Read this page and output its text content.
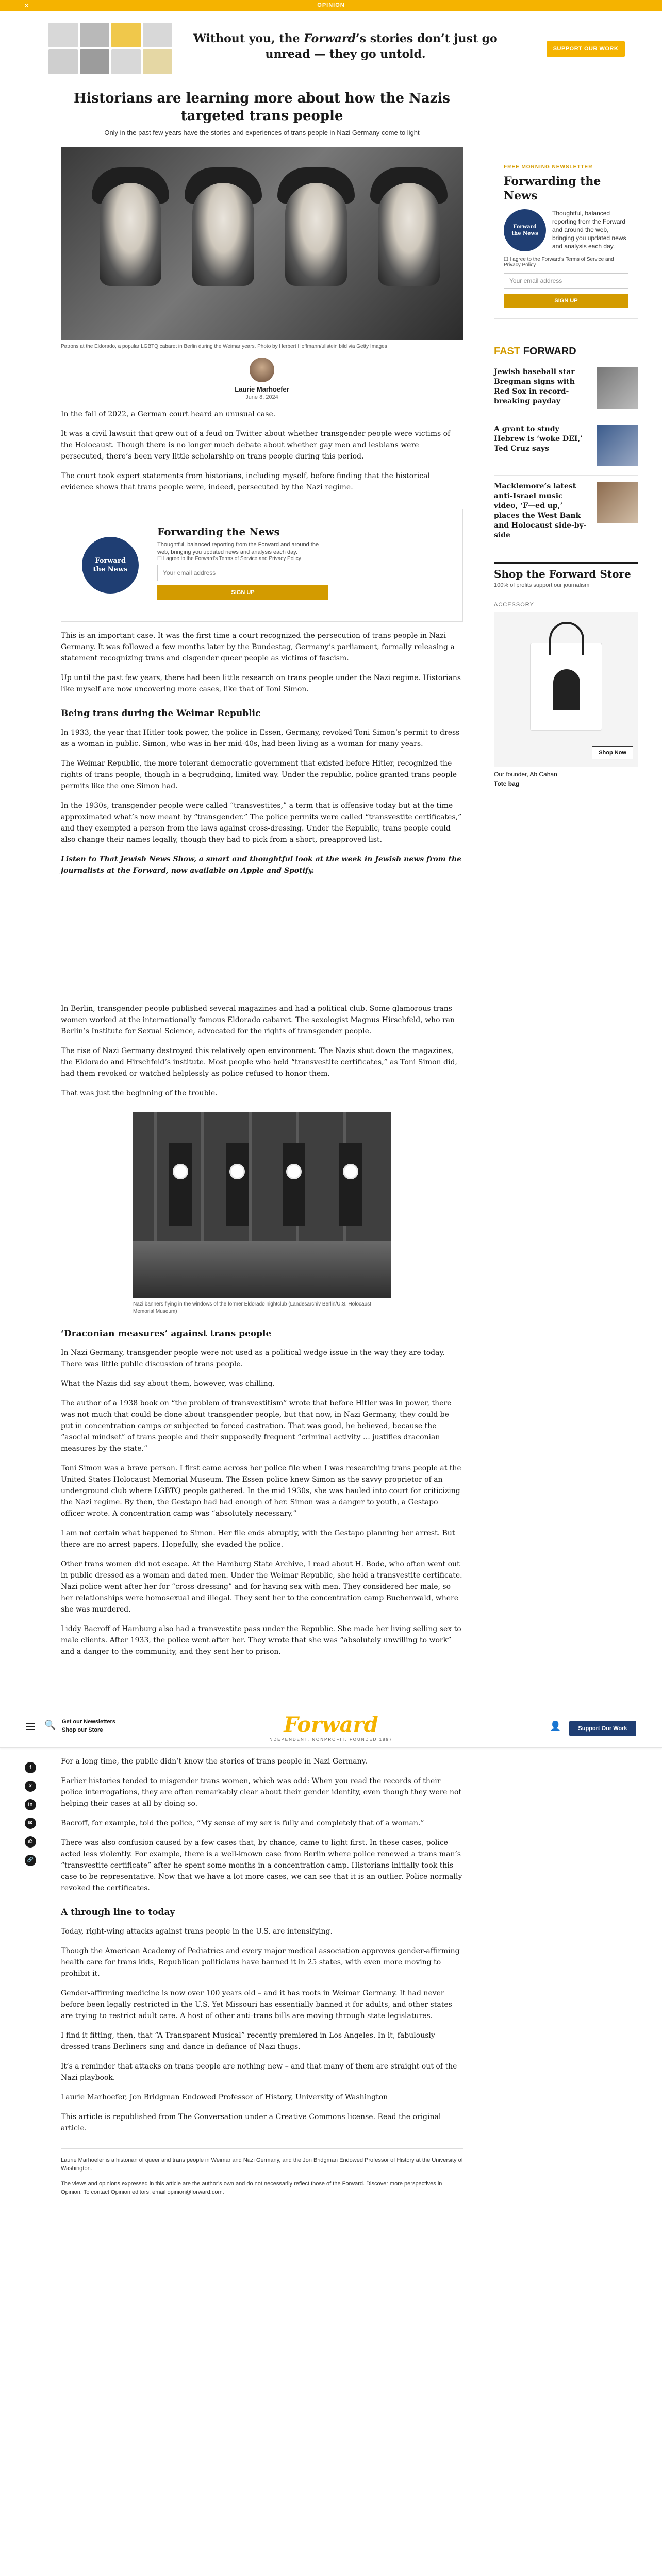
×	OPINION
Without you, the Forward’s stories don’t just go unread — they go untold.	SUPPORT OUR WORK
Historians are learning more about how the Nazis targeted trans people
Only in the past few years have the stories and experiences of trans people in Nazi Germany come to light
Patrons at the Eldorado, a popular LGBTQ cabaret in Berlin during the Weimar years. Photo by Herbert Hoffmann/ullstein bild via Getty Images
Laurie Marhoefer
June 8, 2024

In the fall of 2022, a German court heard an unusual case.

It was a civil lawsuit that grew out of a feud on Twitter about whether transgender people were victims of the Holocaust. Though there is no longer much debate about whether gay men and lesbians were persecuted, there’s been very little scholarship on trans people during this period.

The court took expert statements from historians, including myself, before finding that the historical evidence shows that trans people were, indeed, persecuted by the Nazi regime.

Forward the News
Forwarding the News
Thoughtful, balanced reporting from the Forward and around the web, bringing you updated news and analysis each day.
☐ I agree to the Forward’s Terms of Service and Privacy Policy
Your email address
SIGN UP

This is an important case. It was the first time a court recognized the persecution of trans people in Nazi Germany. It was followed a few months later by the Bundestag, Germany’s parliament, formally releasing a statement recognizing trans and cisgender queer people as victims of fascism.

Up until the past few years, there had been little research on trans people under the Nazi regime. Historians like myself are now uncovering more cases, like that of Toni Simon.

Being trans during the Weimar Republic

In 1933, the year that Hitler took power, the police in Essen, Germany, revoked Toni Simon’s permit to dress as a woman in public. Simon, who was in her mid-40s, had been living as a woman for many years.

The Weimar Republic, the more tolerant democratic government that existed before Hitler, recognized the rights of trans people, though in a begrudging, limited way. Under the republic, police granted trans people permits like the one Simon had.

In the 1930s, transgender people were called “transvestites,” a term that is offensive today but at the time approximated what’s now meant by “transgender.” The police permits were called “transvestite certificates,” and they exempted a person from the laws against cross-dressing. Under the Republic, trans people could also change their names legally, though they had to pick from a short, preapproved list.

Listen to That Jewish News Show, a smart and thoughtful look at the week in Jewish news from the journalists at the Forward, now available on Apple and Spotify.

In Berlin, transgender people published several magazines and had a political club. Some glamorous trans women worked at the internationally famous Eldorado cabaret. The sexologist Magnus Hirschfeld, who ran Berlin’s Institute for Sexual Science, advocated for the rights of transgender people.

The rise of Nazi Germany destroyed this relatively open environment. The Nazis shut down the magazines, the Eldorado and Hirschfeld’s institute. Most people who held “transvestite certificates,” as Toni Simon did, had them revoked or watched helplessly as police refused to honor them.

That was just the beginning of the trouble.

Nazi banners flying in the windows of the former Eldorado nightclub (Landesarchiv Berlin/U.S. Holocaust Memorial Museum)
‘Draconian measures’ against trans people

In Nazi Germany, transgender people were not used as a political wedge issue in the way they are today. There was little public discussion of trans people.

What the Nazis did say about them, however, was chilling.

The author of a 1938 book on “the problem of transvestitism” wrote that before Hitler was in power, there was not much that could be done about transgender people, but that now, in Nazi Germany, they could be put in concentration camps or subjected to forced castration. That was good, he believed, because the “asocial mindset” of trans people and their supposedly frequent “criminal activity … justifies draconian measures by the state.”

Toni Simon was a brave person. I first came across her police file when I was researching trans people at the United States Holocaust Memorial Museum. The Essen police knew Simon as the savvy proprietor of an underground club where LGBTQ people gathered. In the mid 1930s, she was hauled into court for criticizing the Nazi regime. By then, the Gestapo had had enough of her. Simon was a danger to youth, a Gestapo officer wrote. A concentration camp was “absolutely necessary.”

I am not certain what happened to Simon. Her file ends abruptly, with the Gestapo planning her arrest. But there are no arrest papers. Hopefully, she evaded the police.

Other trans women did not escape. At the Hamburg State Archive, I read about H. Bode, who often went out in public dressed as a woman and dated men. Under the Weimar Republic, she held a transvestite certificate. Nazi police went after her for “cross-dressing” and for having sex with men. They considered her male, so her relationships were homosexual and illegal. They sent her to the concentration camp Buchenwald, where she was murdered.

Liddy Bacroff of Hamburg also had a transvestite pass under the Republic. She made her living selling sex to male clients. After 1933, the police went after her. They wrote that she was “absolutely unwilling to work” and a danger to the community, and they sent her to prison.

FREE MORNING NEWSLETTER
Forwarding the News
Forward the News
Thoughtful, balanced reporting from the Forward and around the web, bringing you updated news and analysis each day.
☐ I agree to the Forward’s Terms of Service and Privacy Policy
Your email address
SIGN UP
FAST FORWARD
Jewish baseball star Bregman signs with Red Sox in record-breaking payday
A grant to study Hebrew is ‘woke DEI,’ Ted Cruz says
Macklemore’s latest anti-Israel music video, ‘F—ed up,’ places the West Bank and Holocaust side-by-side
Shop the Forward Store
100% of profits support our journalism
ACCESSORY
Shop Now
Our founder, Ab Cahan
Tote bag
🔍 Get our Newsletters
Shop our Store	Forward
INDEPENDENT. NONPROFIT. FOUNDED 1897.
👤	Support Our Work
f
x
in
✉
⎙
🔗

For a long time, the public didn’t know the stories of trans people in Nazi Germany.

Earlier histories tended to misgender trans women, which was odd: When you read the records of their police interrogations, they are often remarkably clear about their gender identity, even though they were not helping their cases at all by doing so.

Bacroff, for example, told the police, “My sense of my sex is fully and completely that of a woman.”

There was also confusion caused by a few cases that, by chance, came to light first. In these cases, police acted less violently. For example, there is a well-known case from Berlin where police renewed a trans man’s “transvestite certificate” after he spent some months in a concentration camp. Historians initially took this case to be representative. Now that we have a lot more cases, we can see that it is an outlier. Police normally revoked the certificates.

A through line to today

Today, right-wing attacks against trans people in the U.S. are intensifying.

Though the American Academy of Pediatrics and every major medical association approves gender-affirming health care for trans kids, Republican politicians have banned it in 25 states, with even more moving to prohibit it.

Gender-affirming medicine is now over 100 years old – and it has roots in Weimar Germany. It had never before been legally restricted in the U.S. Yet Missouri has essentially banned it for adults, and other states are trying to restrict adult care. A host of other anti-trans bills are moving through state legislatures.

I find it fitting, then, that “A Transparent Musical” recently premiered in Los Angeles. In it, fabulously dressed trans Berliners sing and dance in defiance of Nazi thugs.

It’s a reminder that attacks on trans people are nothing new – and that many of them are straight out of the Nazi playbook.

Laurie Marhoefer, Jon Bridgman Endowed Professor of History, University of Washington

This article is republished from The Conversation under a Creative Commons license. Read the original article.

Laurie Marhoefer is a historian of queer and trans people in Weimar and Nazi Germany, and the Jon Bridgman Endowed Professor of History at the University of Washington.
The views and opinions expressed in this article are the author’s own and do not necessarily reflect those of the Forward. Discover more perspectives in Opinion. To contact Opinion editors, email opinion@forward.com.
